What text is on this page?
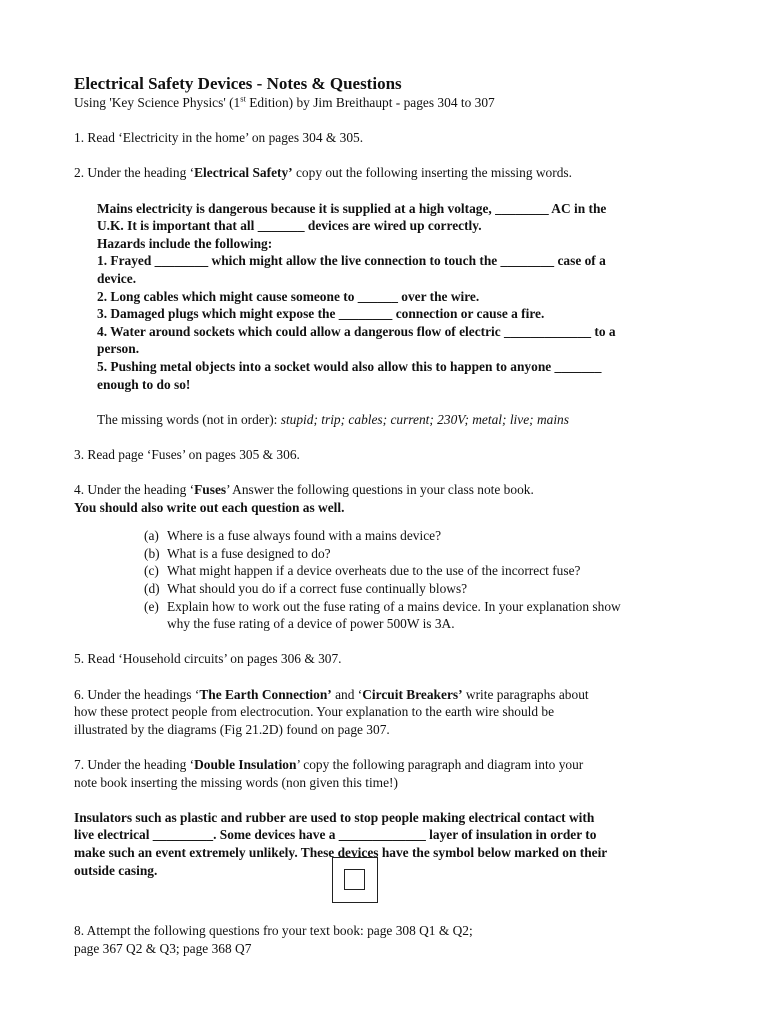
Electrical Safety Devices - Notes & Questions

Using 'Key Science Physics' (1st Edition) by Jim Breithaupt - pages 304 to 307

1. Read ‘Electricity in the home’ on pages 304 & 305.

2. Under the heading ‘Electrical Safety’ copy out the following inserting the missing words.

Mains electricity is dangerous because it is supplied at a high voltage, ________ AC in the

U.K. It is important that all _______ devices are wired up correctly.

Hazards include the following:

1. Frayed ________ which might allow the live connection to touch the ________ case of a

device.

2. Long cables which might cause someone to ______ over the wire.

3. Damaged plugs which might expose the ________ connection or cause a fire.

4. Water around sockets which could allow a dangerous flow of electric _____________ to a

person.

5. Pushing metal objects into a socket would also allow this to happen to anyone _______

enough to do so!

The missing words (not in order): stupid; trip; cables; current; 230V; metal; live; mains

3. Read page ‘Fuses’ on pages 305 & 306.

4. Under the heading ‘Fuses’ Answer the following questions in your class note book.

You should also write out each question as well.

(a) Where is a fuse always found with a mains device?
(b) What is a fuse designed to do?
(c) What might happen if a device overheats due to the use of the incorrect fuse?
(d) What should you do if a correct fuse continually blows?
(e) Explain how to work out the fuse rating of a mains device. In your explanation show
why the fuse rating of a device of power 500W is 3A.

5. Read ‘Household circuits’ on pages 306 & 307.

6. Under the headings ‘The Earth Connection’ and ‘Circuit Breakers’ write paragraphs about

how these protect people from electrocution. Your explanation to the earth wire should be

illustrated by the diagrams (Fig 21.2D) found on page 307.

7. Under the heading ‘Double Insulation’ copy the following paragraph and diagram into your

note book inserting the missing words (non given this time!)

Insulators such as plastic and rubber are used to stop people making electrical contact with

live electrical _________. Some devices have a _____________ layer of insulation in order to

make such an event extremely unlikely. These devices have the symbol below marked on their

outside casing.

8. Attempt the following questions fro your text book: page 308 Q1 & Q2;

page 367 Q2 & Q3; page 368 Q7
